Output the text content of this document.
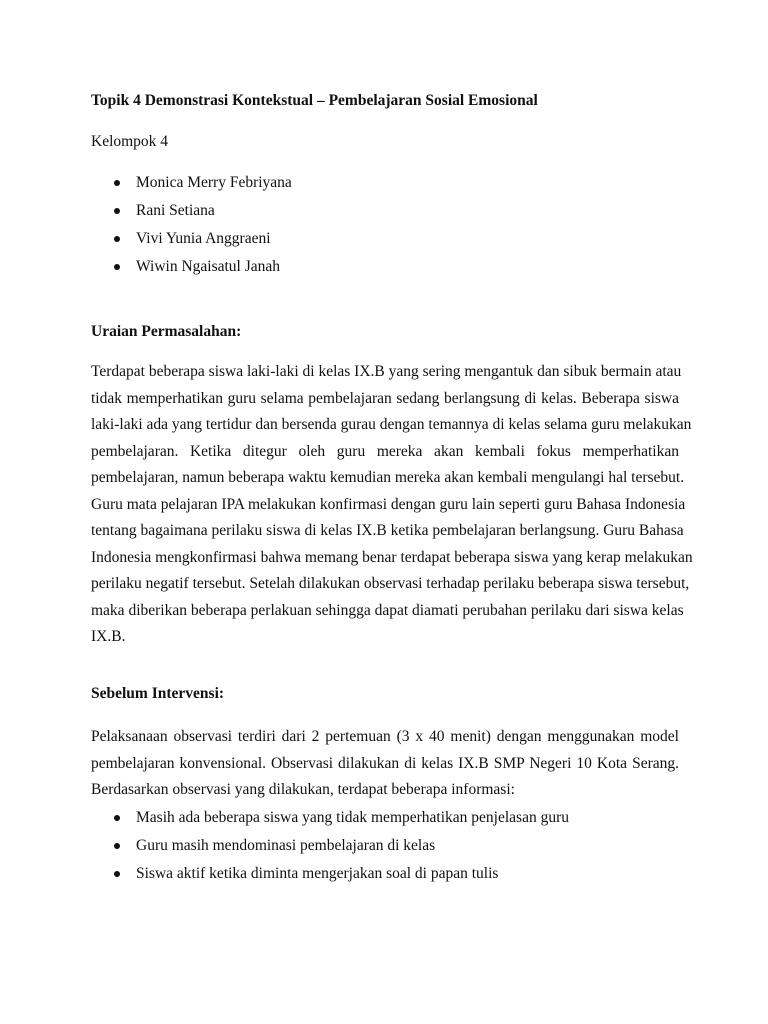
Topik 4 Demonstrasi Kontekstual – Pembelajaran Sosial Emosional

Kelompok 4

Monica Merry Febriyana
Rani Setiana
Vivi Yunia Anggraeni
Wiwin Ngaisatul Janah
Uraian Permasalahan:

Terdapat beberapa siswa laki-laki di kelas IX.B yang sering mengantuk dan sibuk bermain atau
tidak memperhatikan guru selama pembelajaran sedang berlangsung di kelas. Beberapa siswa
laki-laki ada yang tertidur dan bersenda gurau dengan temannya di kelas selama guru melakukan
pembelajaran. Ketika ditegur oleh guru mereka akan kembali fokus memperhatikan
pembelajaran, namun beberapa waktu kemudian mereka akan kembali mengulangi hal tersebut.
Guru mata pelajaran IPA melakukan konfirmasi dengan guru lain seperti guru Bahasa Indonesia
tentang bagaimana perilaku siswa di kelas IX.B ketika pembelajaran berlangsung. Guru Bahasa
Indonesia mengkonfirmasi bahwa memang benar terdapat beberapa siswa yang kerap melakukan
perilaku negatif tersebut. Setelah dilakukan observasi terhadap perilaku beberapa siswa tersebut,
maka diberikan beberapa perlakuan sehingga dapat diamati perubahan perilaku dari siswa kelas
IX.B.

Sebelum Intervensi:

Pelaksanaan observasi terdiri dari 2 pertemuan (3 x 40 menit) dengan menggunakan model
pembelajaran konvensional. Observasi dilakukan di kelas IX.B SMP Negeri 10 Kota Serang.
Berdasarkan observasi yang dilakukan, terdapat beberapa informasi:

Masih ada beberapa siswa yang tidak memperhatikan penjelasan guru
Guru masih mendominasi pembelajaran di kelas
Siswa aktif ketika diminta mengerjakan soal di papan tulis
